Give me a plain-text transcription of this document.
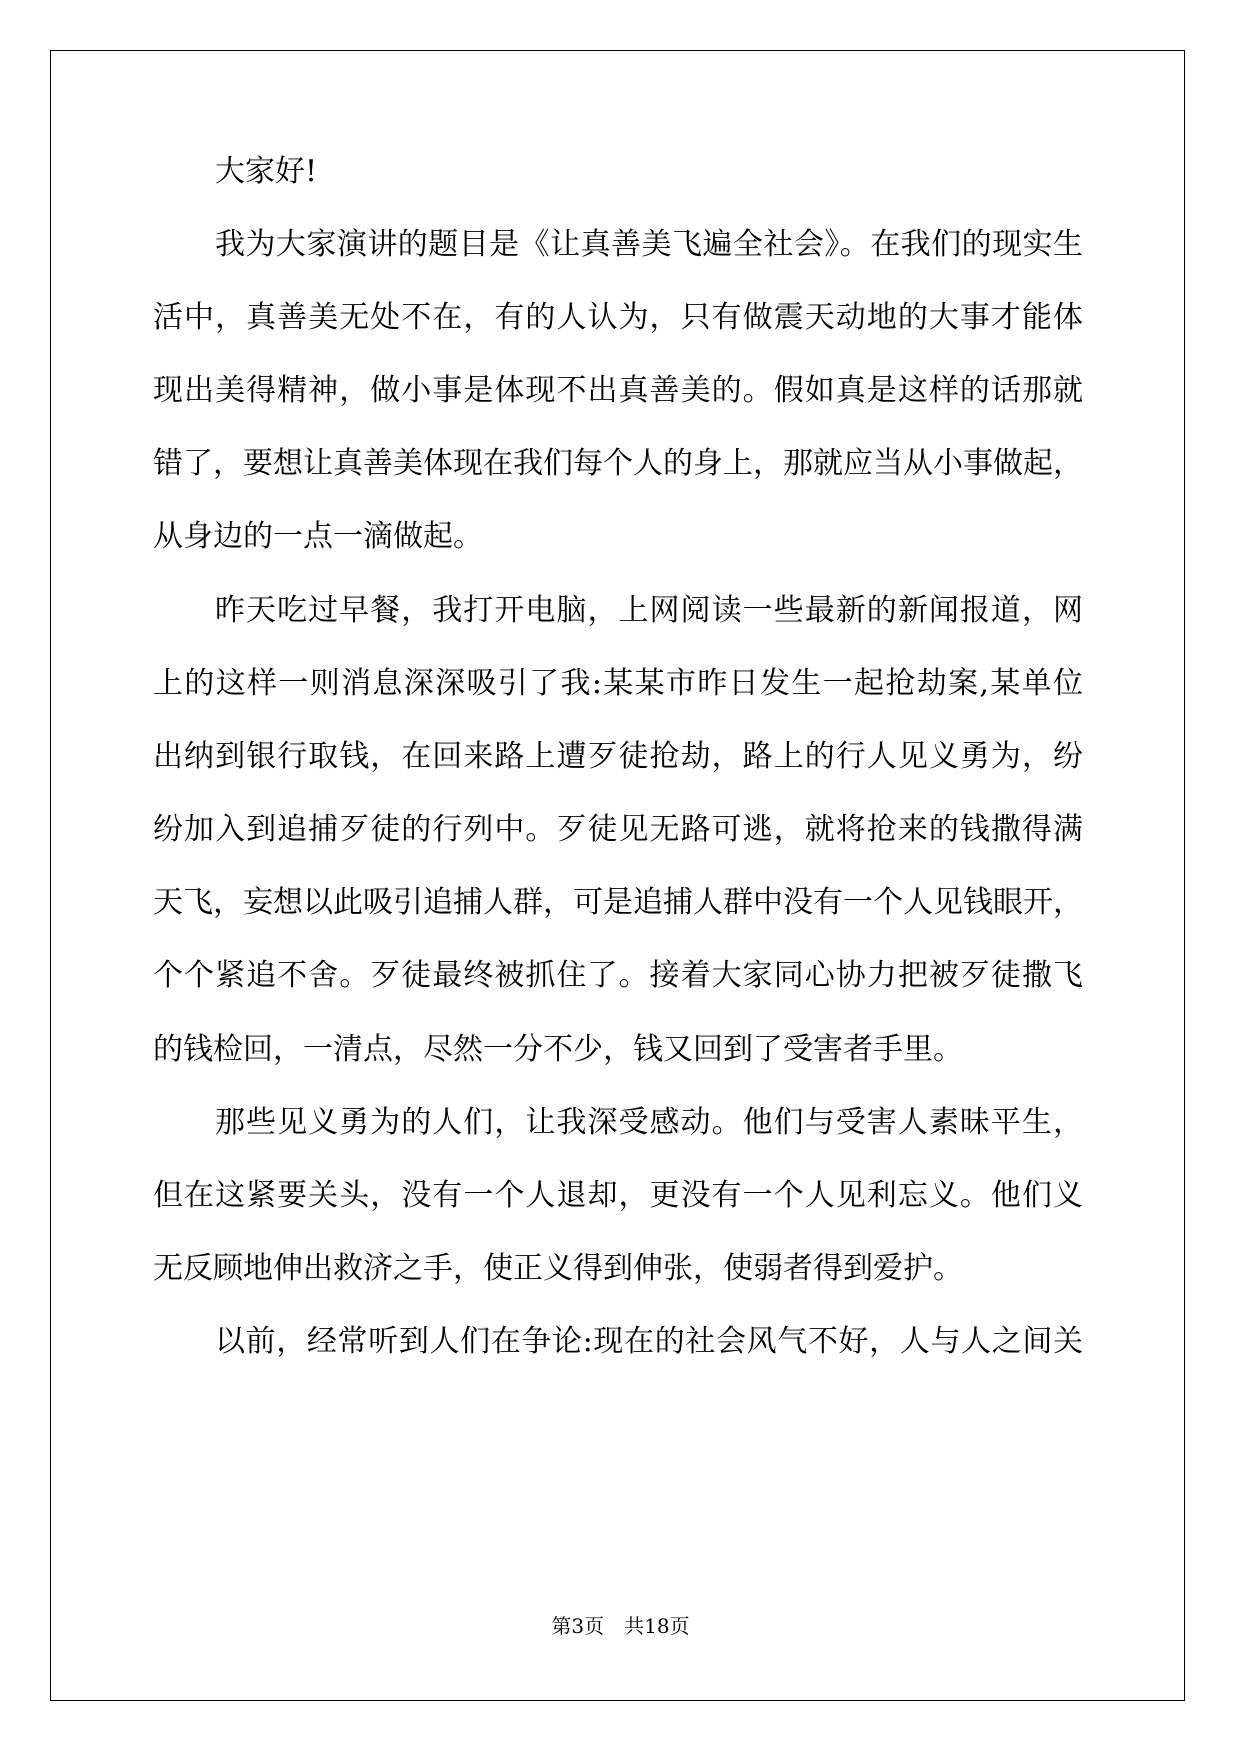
大家好!
我为大家演讲的题目是《让真善美飞遍全社会》。在我们的现实生
活中，真善美无处不在，有的人认为，只有做震天动地的大事才能体
现出美得精神，做小事是体现不出真善美的。假如真是这样的话那就
错了，要想让真善美体现在我们每个人的身上，那就应当从小事做起，
从身边的一点一滴做起。
昨天吃过早餐，我打开电脑，上网阅读一些最新的新闻报道，网
上的这样一则消息深深吸引了我:某某市昨日发生一起抢劫案,某单位
出纳到银行取钱，在回来路上遭歹徒抢劫，路上的行人见义勇为，纷
纷加入到追捕歹徒的行列中。歹徒见无路可逃，就将抢来的钱撒得满
天飞，妄想以此吸引追捕人群，可是追捕人群中没有一个人见钱眼开，
个个紧追不舍。歹徒最终被抓住了。接着大家同心协力把被歹徒撒飞
的钱检回，一清点，尽然一分不少，钱又回到了受害者手里。
那些见义勇为的人们，让我深受感动。他们与受害人素昧平生，
但在这紧要关头，没有一个人退却，更没有一个人见利忘义。他们义
无反顾地伸出救济之手，使正义得到伸张，使弱者得到爱护。
以前，经常听到人们在争论:现在的社会风气不好，人与人之间关
第3页 共18页
